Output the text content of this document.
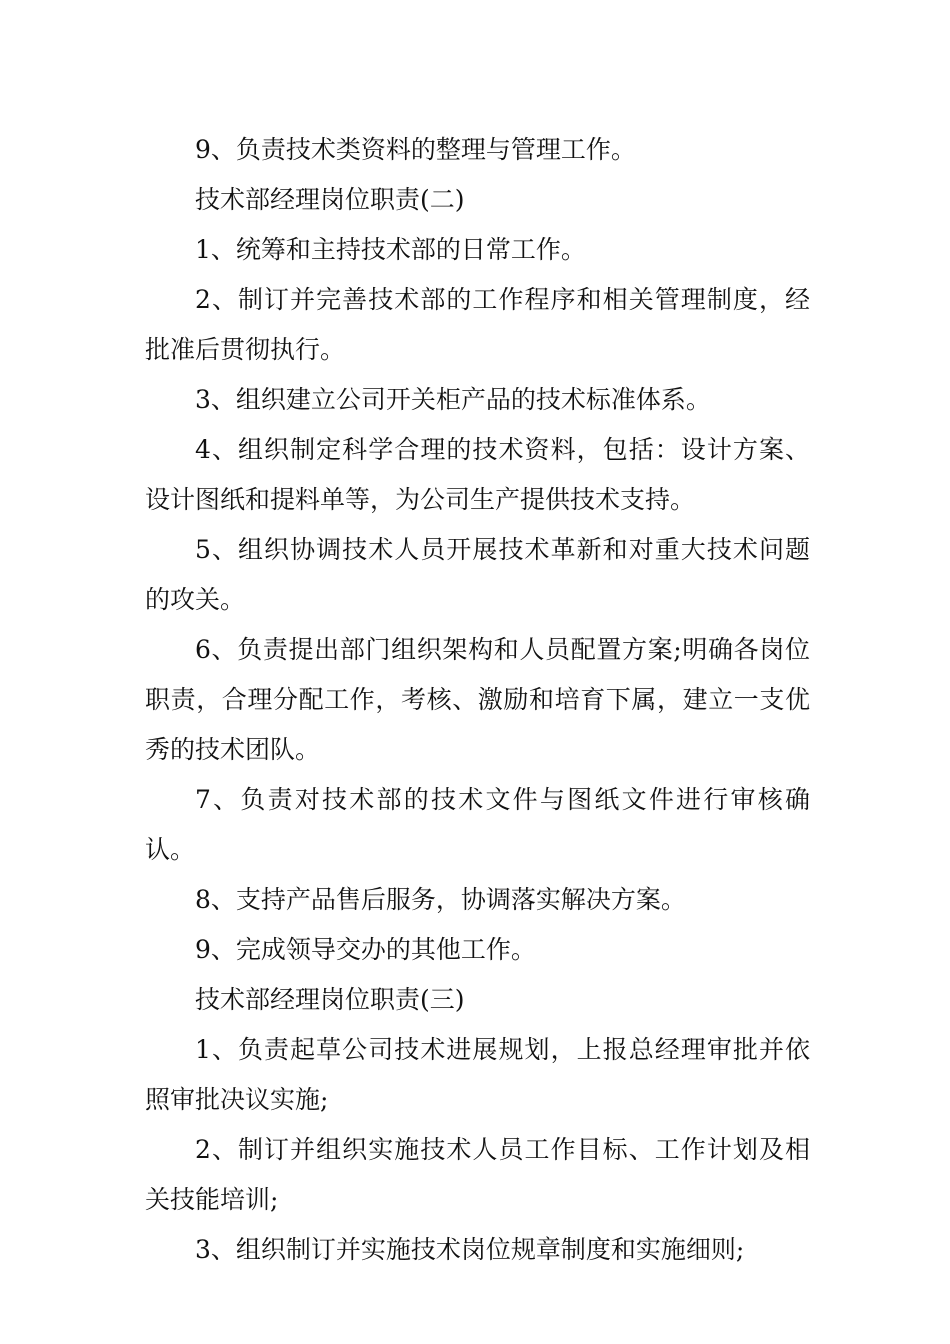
9、负责技术类资料的整理与管理工作。

技术部经理岗位职责(二)

1、统筹和主持技术部的日常工作。

2、制订并完善技术部的工作程序和相关管理制度，经批准后贯彻执行。

3、组织建立公司开关柜产品的技术标准体系。

4、组织制定科学合理的技术资料，包括：设计方案、设计图纸和提料单等，为公司生产提供技术支持。

5、组织协调技术人员开展技术革新和对重大技术问题的攻关。

6、负责提出部门组织架构和人员配置方案;明确各岗位职责，合理分配工作，考核、激励和培育下属，建立一支优秀的技术团队。

7、负责对技术部的技术文件与图纸文件进行审核确认。

8、支持产品售后服务，协调落实解决方案。

9、完成领导交办的其他工作。

技术部经理岗位职责(三)

1、负责起草公司技术进展规划，上报总经理审批并依照审批决议实施;

2、制订并组织实施技术人员工作目标、工作计划及相关技能培训;

3、组织制订并实施技术岗位规章制度和实施细则;
